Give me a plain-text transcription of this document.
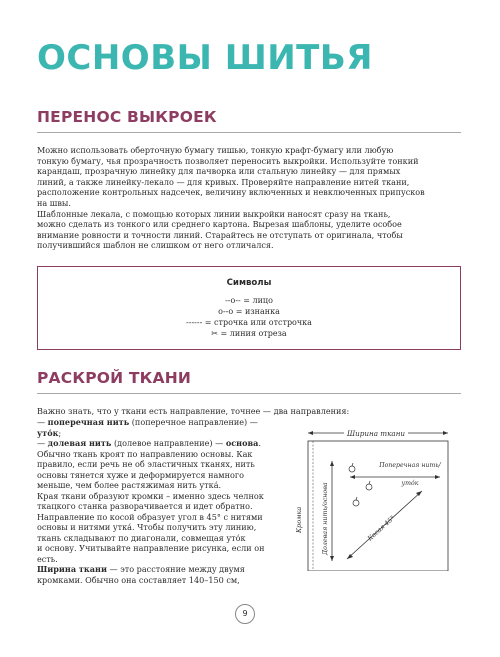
ОСНОВЫ ШИТЬЯ
ПЕРЕНОС ВЫКРОЕК
Можно использовать оберточную бумагу тишью, тонкую крафт-бумагу или любую
тонкую бумагу, чья прозрачность позволяет переносить выкройки. Используйте тонкий
карандаш, прозрачную линейку для пачворка или стальную линейку — для прямых
линий, а также линейку-лекало — для кривых. Проверяйте направление нитей ткани,
расположение контрольных надсечек, величину включенных и невключенных припусков
на швы.
Шаблонные лекала, с помощью которых линии выкройки наносят сразу на ткань,
можно сделать из тонкого или среднего картона. Вырезая шаблоны, уделите особое
внимание ровности и точности линий. Старайтесь не отступать от оригинала, чтобы
получившийся шаблон не слишком от него отличался.
Символы
--о-- = лицо
о--о = изнанка
------ = строчка или отстрочка
✂ = линия отреза
РАСКРОЙ ТКАНИ

Важно знать, что у ткани есть направление, точнее — два направления:

— поперечная нить (поперечное направление) — уто́к;

— долевая нить (долевое направление) — основа.

Обычно ткань кроят по направлению основы. Как

правило, если речь не об эластичных тканях, нить

основы тянется хуже и деформируется намного

меньше, чем более растяжимая нить утка́.

Края ткани образуют кромки – именно здесь челнок

ткацкого станка разворачивается и идет обратно.

Направление по косой образует угол в 45° с нитями

основы и нитями утка́. Чтобы получить эту линию,

ткань складывают по диагонали, совмещая уто́к

и основу. Учитывайте направление рисунка, если он

есть.

Ширина ткани — это расстояние между двумя

кромками. Обычно она составляет 140–150 см,

Ширина ткани
Кромка	Долевая нить/основа
Поперечная нить/
уто́к
Косая 45°
9
